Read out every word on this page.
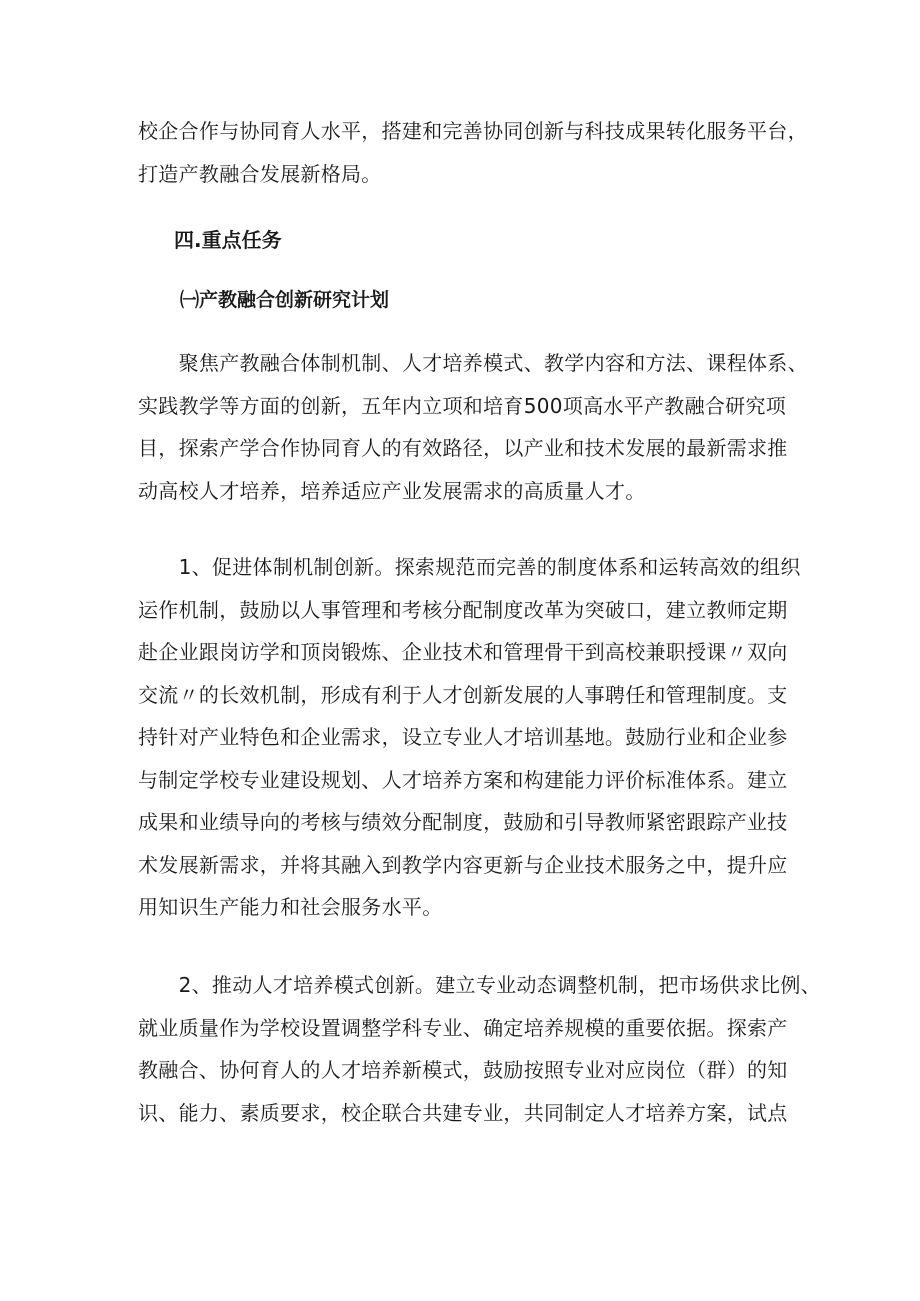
校企合作与协同育人水平，搭建和完善协同创新与科技成果转化服务平台，
打造产教融合发展新格局。
四.重点任务
㈠产教融合创新研究计划
　　聚焦产教融合体制机制、人才培养模式、教学内容和方法、课程体系、
实践教学等方面的创新，五年内立项和培育500项高水平产教融合研究项
目，探索产学合作协同育人的有效路径，以产业和技术发展的最新需求推
动高校人才培养，培养适应产业发展需求的高质量人才。
　　1、促进体制机制创新。探索规范而完善的制度体系和运转高效的组织
运作机制，鼓励以人事管理和考核分配制度改革为突破口，建立教师定期
赴企业跟岗访学和顶岗锻炼、企业技术和管理骨干到高校兼职授课〃双向
交流〃的长效机制，形成有利于人才创新发展的人事聘任和管理制度。支
持针对产业特色和企业需求，设立专业人才培训基地。鼓励行业和企业参
与制定学校专业建设规划、人才培养方案和构建能力评价标准体系。建立
成果和业绩导向的考核与绩效分配制度，鼓励和引导教师紧密跟踪产业技
术发展新需求，并将其融入到教学内容更新与企业技术服务之中，提升应
用知识生产能力和社会服务水平。
　　2、推动人才培养模式创新。建立专业动态调整机制，把市场供求比例、
就业质量作为学校设置调整学科专业、确定培养规模的重要依据。探索产
教融合、协何育人的人才培养新模式，鼓励按照专业对应岗位（群）的知
识、能力、素质要求，校企联合共建专业，共同制定人才培养方案，试点
